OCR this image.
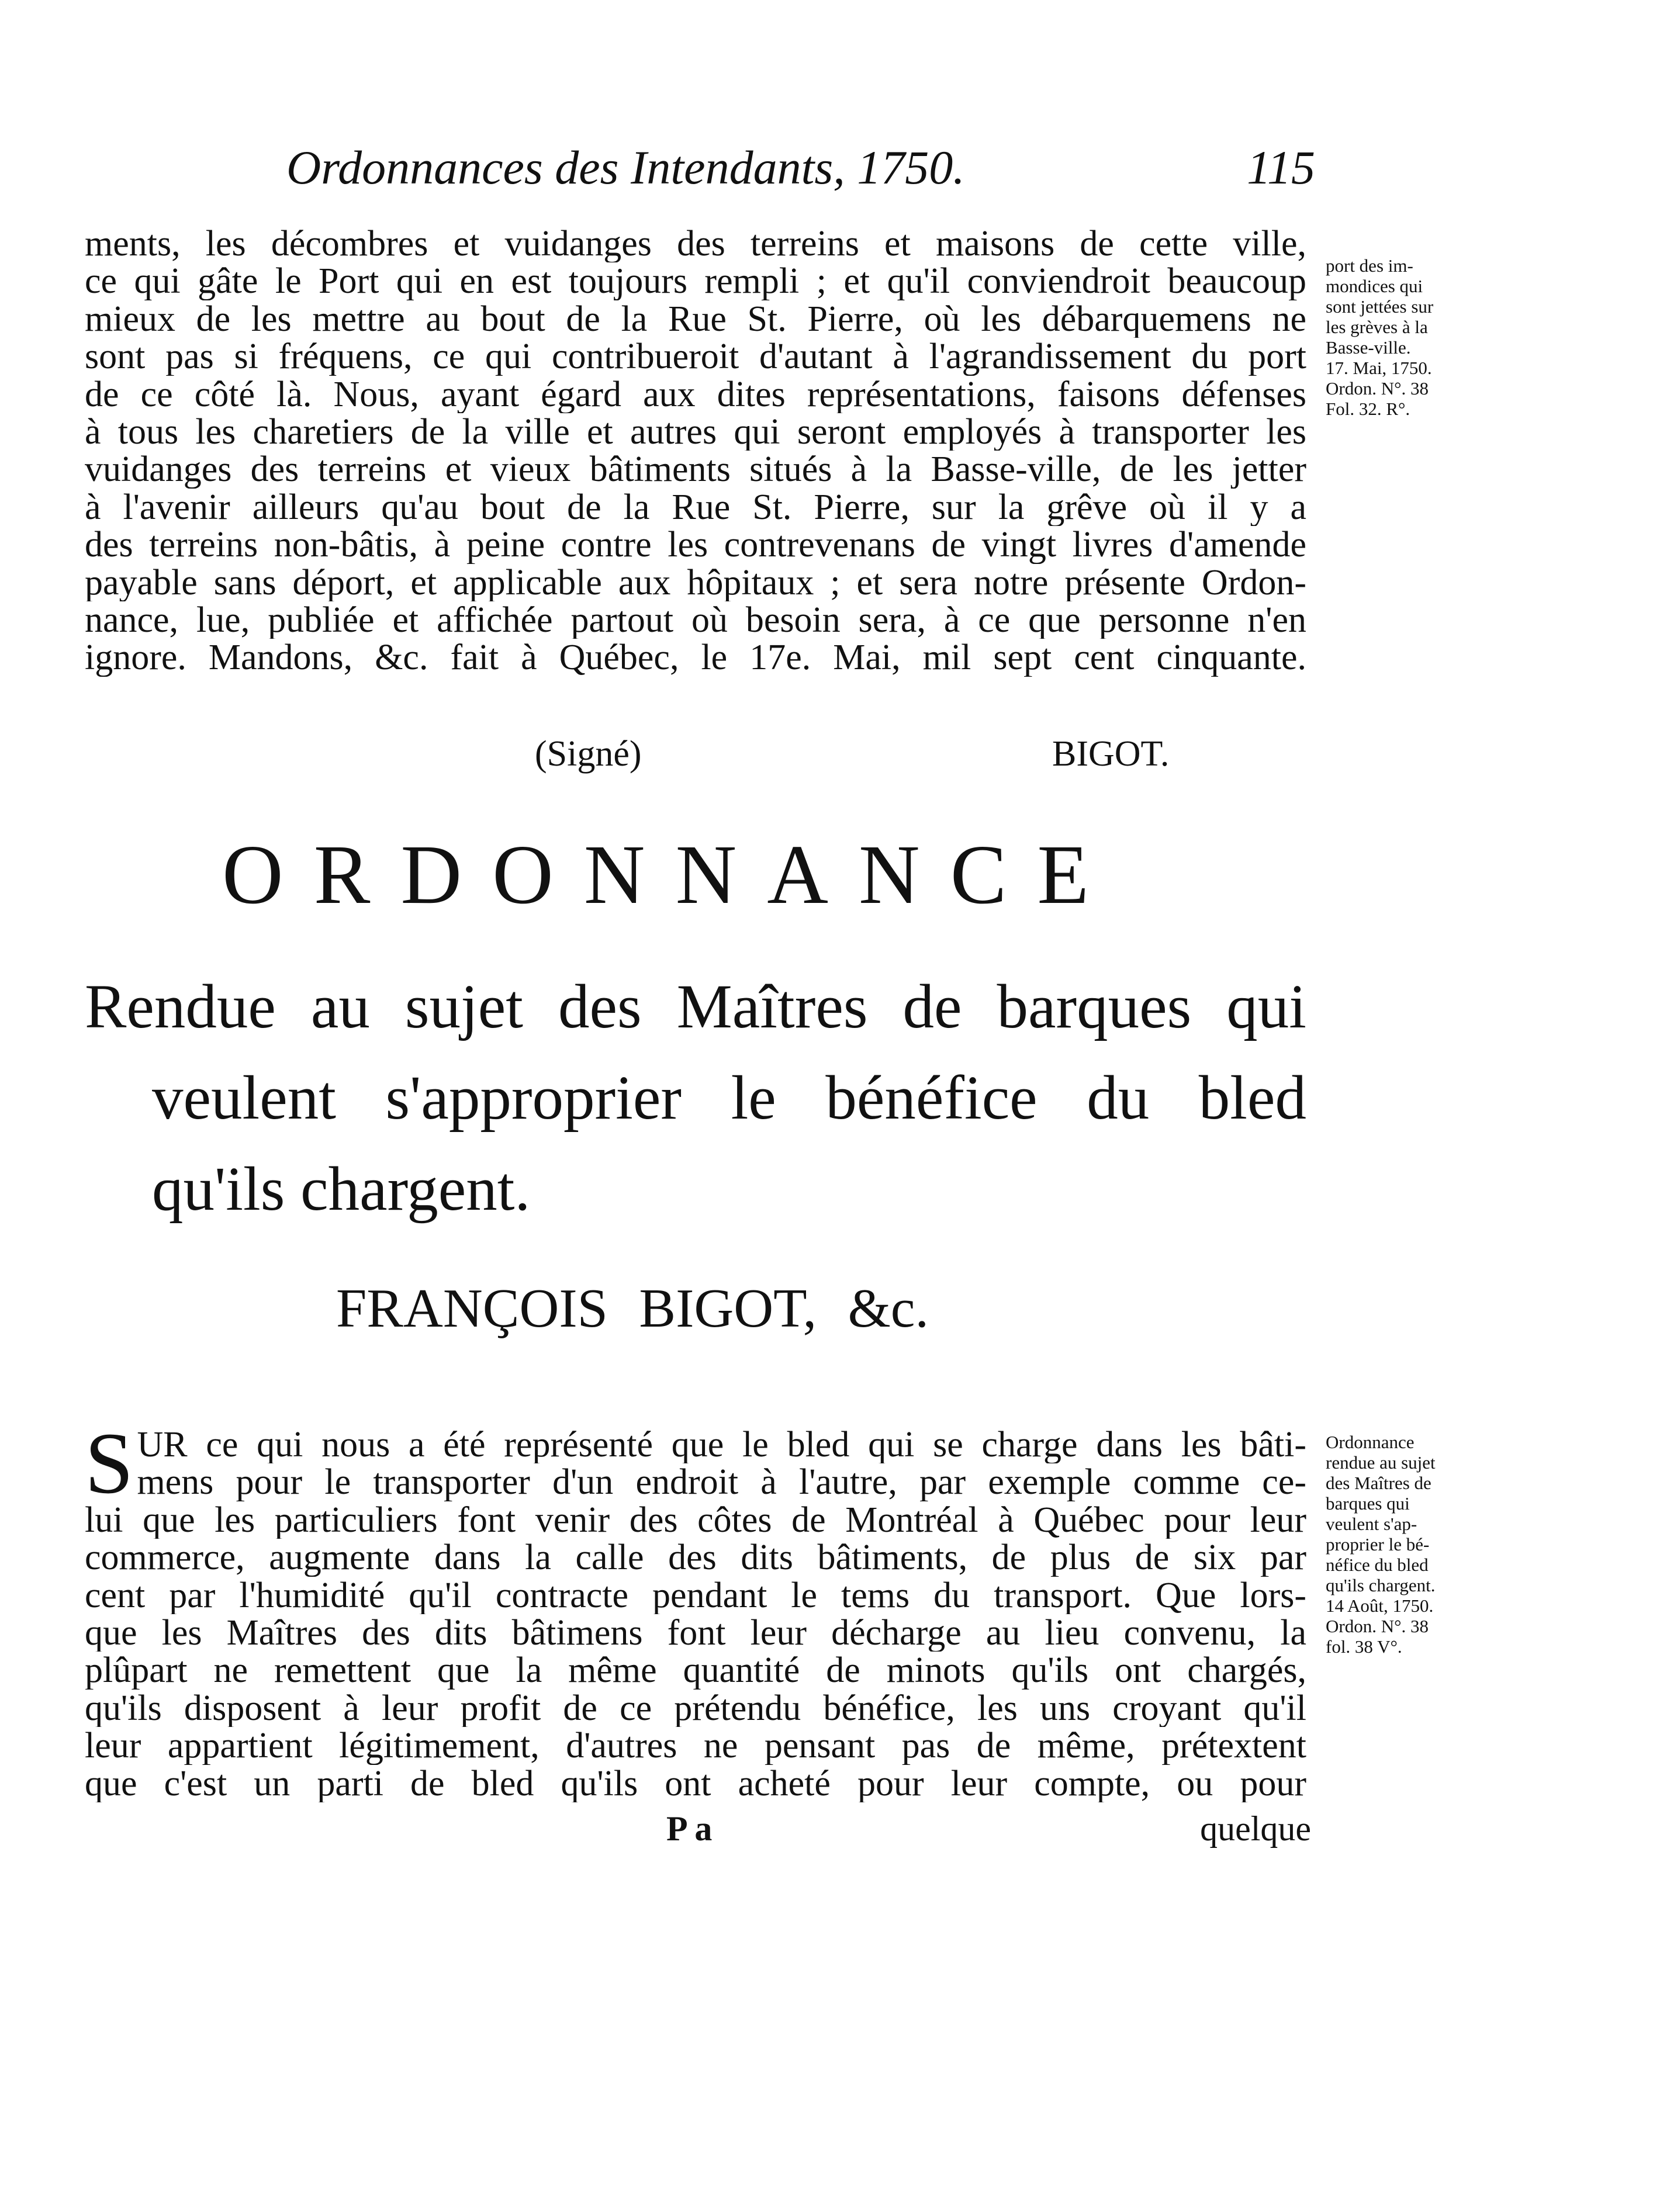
Ordonnances des Intendants, 1750.	115
ments, les décombres et vuidanges des terreins et maisons de cette ville,
ce qui gâte le Port qui en est toujours rempli ; et qu'il conviendroit beaucoup
mieux de les mettre au bout de la Rue St. Pierre, où les débarquemens ne
sont pas si fréquens, ce qui contribueroit d'autant à l'agrandissement du port
de ce côté là. Nous, ayant égard aux dites représentations, faisons défenses
à tous les charetiers de la ville et autres qui seront employés à transporter les
vuidanges des terreins et vieux bâtiments situés à la Basse-ville, de les jetter
à l'avenir ailleurs qu'au bout de la Rue St. Pierre, sur la grêve où il y a
des terreins non-bâtis, à peine contre les contrevenans de vingt livres d'amende
payable sans déport, et applicable aux hôpitaux ; et sera notre présente Ordon-
nance, lue, publiée et affichée partout où besoin sera, à ce que personne n'en
ignore. Mandons, &c. fait à Québec, le 17e. Mai, mil sept cent cinquante.
port des im-
mondices qui
sont jettées sur
les grèves à la
Basse-ville.
17. Mai, 1750.
Ordon. N°. 38
Fol. 32. R°.
(Signé)	BIGOT.
ORDONNANCE
Rendue au sujet des Maîtres de barques qui
veulent s'approprier le bénéfice du bled
qu'ils chargent.
FRANÇOIS BIGOT, &c.
S UR ce qui nous a été représenté que le bled qui se charge dans les bâti-
mens pour le transporter d'un endroit à l'autre, par exemple comme ce-
lui que les particuliers font venir des côtes de Montréal à Québec pour leur
commerce, augmente dans la calle des dits bâtiments, de plus de six par
cent par l'humidité qu'il contracte pendant le tems du transport. Que lors-
que les Maîtres des dits bâtimens font leur décharge au lieu convenu, la
plûpart ne remettent que la même quantité de minots qu'ils ont chargés,
qu'ils disposent à leur profit de ce prétendu bénéfice, les uns croyant qu'il
leur appartient légitimement, d'autres ne pensant pas de même, prétextent
que c'est un parti de bled qu'ils ont acheté pour leur compte, ou pour
Ordonnance
rendue au sujet
des Maîtres de
barques qui
veulent s'ap-
proprier le bé-
néfice du bled
qu'ils chargent.
14 Août, 1750.
Ordon. N°. 38
fol. 38 V°.
P a	quelque
